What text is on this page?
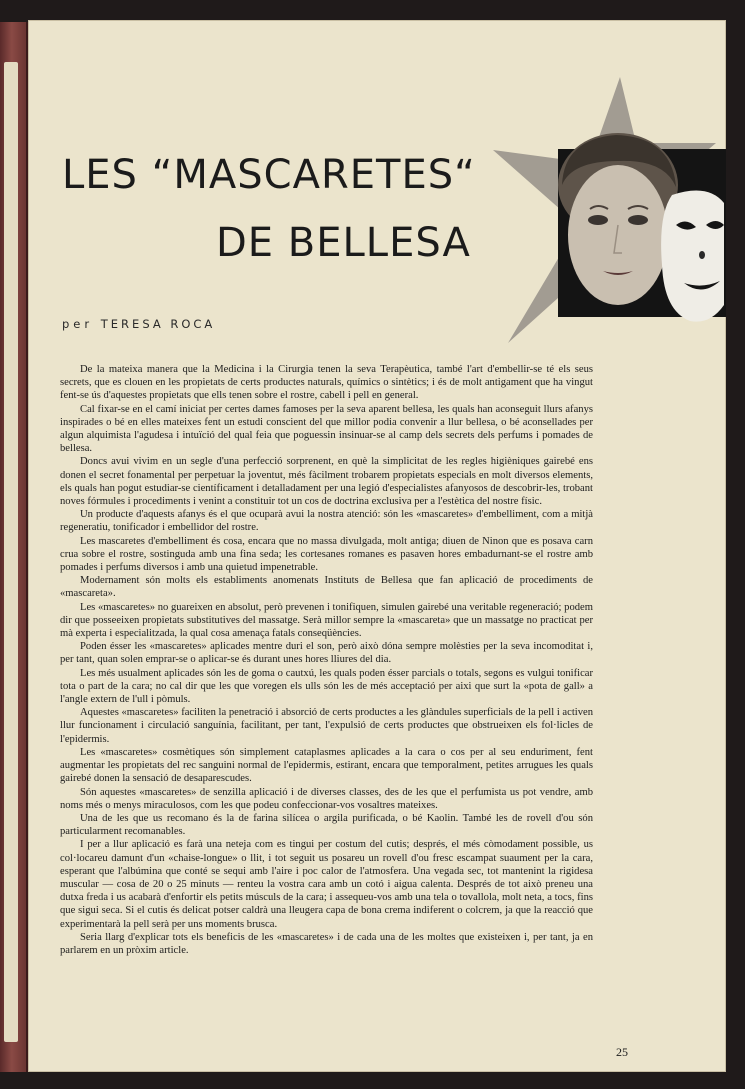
LES “MASCARETES“
DE BELLESA
per TERESA ROCA

De la mateixa manera que la Medicina i la Cirurgia tenen la seva Terapèutica, també l'art d'embellir-se té els seus secrets, que es clouen en les propietats de certs productes naturals, químics o sintètics; i és de molt antigament que ha vingut fent-se ús d'aquestes propietats que ells tenen sobre el rostre, cabell i pell en general.

Cal fixar-se en el camí iniciat per certes dames famoses per la seva aparent bellesa, les quals han aconseguit llurs afanys inspirades o bé en elles mateixes fent un estudi conscient del que millor podia convenir a llur bellesa, o bé aconsellades per algun alquimista l'agudesa i intuïció del qual feia que poguessin insinuar-se al camp dels secrets dels perfums i pomades de bellesa.

Doncs avui vivim en un segle d'una perfecció sorprenent, en què la simplicitat de les regles higièniques gairebé ens donen el secret fonamental per perpetuar la joventut, més fàcilment trobarem propietats especials en molt diversos elements, els quals han pogut estudiar-se científicament i detalladament per una legió d'especialistes afanyosos de descobrir-les, trobant noves fórmules i procediments i venint a constituir tot un cos de doctrina exclusiva per a l'estètica del nostre físic.

Un producte d'aquests afanys és el que ocuparà avui la nostra atenció: són les «mascaretes» d'embelliment, com a mitjà regeneratiu, tonificador i embellidor del rostre.

Les mascaretes d'embelliment és cosa, encara que no massa divulgada, molt antiga; diuen de Ninon que es posava carn crua sobre el rostre, sostinguda amb una fina seda; les cortesanes romanes es pasaven hores embadurnant-se el rostre amb pomades i perfums diversos i amb una quietud impenetrable.

Modernament són molts els establiments anomenats Instituts de Bellesa que fan aplicació de procediments de «mascareta».

Les «mascaretes» no guareixen en absolut, però prevenen i tonifiquen, simulen gairebé una veritable regeneració; podem dir que posseeixen propietats substitutives del massatge. Serà millor sempre la «mascareta» que un massatge no practicat per mà experta i especialitzada, la qual cosa amenaça fatals conseqüències.

Poden ésser les «mascaretes» aplicades mentre duri el son, però això dóna sempre molèsties per la seva incomoditat i, per tant, quan solen emprar-se o aplicar-se és durant unes hores lliures del dia.

Les més usualment aplicades són les de goma o cautxú, les quals poden ésser parcials o totals, segons es vulgui tonificar tota o part de la cara; no cal dir que les que voregen els ulls són les de més acceptació per aixi que surt la «pota de gall» a l'angle extern de l'ull i pòmuls.

Aquestes «mascaretes» faciliten la penetració i absorció de certs productes a les glàndules superficials de la pell i activen llur funcionament i circulació sanguínia, facilitant, per tant, l'expulsió de certs productes que obstrueixen els fol·licles de l'epidermis.

Les «mascaretes» cosmètiques són simplement cataplasmes aplicades a la cara o cos per al seu enduriment, fent augmentar les propietats del rec sanguini normal de l'epidermis, estirant, encara que temporalment, petites arrugues les quals gairebé donen la sensació de desaparescudes.

Són aquestes «mascaretes» de senzilla aplicació i de diverses classes, des de les que el perfumista us pot vendre, amb noms més o menys miraculosos, com les que podeu confeccionar-vos vosaltres mateixes.

Una de les que us recomano és la de farina silícea o argila purificada, o bé Kaolin. També les de rovell d'ou són particularment recomanables.

I per a llur aplicació es farà una neteja com es tingui per costum del cutis; després, el més còmodament possible, us col·locareu damunt d'un «chaise-longue» o llit, i tot seguit us posareu un rovell d'ou fresc escampat suaument per la cara, esperant que l'albúmina que conté se sequi amb l'aire i poc calor de l'atmosfera. Una vegada sec, tot mantenint la rigidesa muscular — cosa de 20 o 25 minuts — renteu la vostra cara amb un cotó i aigua calenta. Després de tot això preneu una dutxa freda i us acabarà d'enfortir els petits músculs de la cara; i assequeu-vos amb una tela o tovallola, molt neta, a tocs, fins que sigui seca. Si el cutis és delicat potser caldrà una lleugera capa de bona crema indiferent o colcrem, ja que la reacció que experimentarà la pell serà per uns moments brusca.

Seria llarg d'explicar tots els beneficis de les «mascaretes» i de cada una de les moltes que existeixen i, per tant, ja en parlarem en un pròxim article.

25
